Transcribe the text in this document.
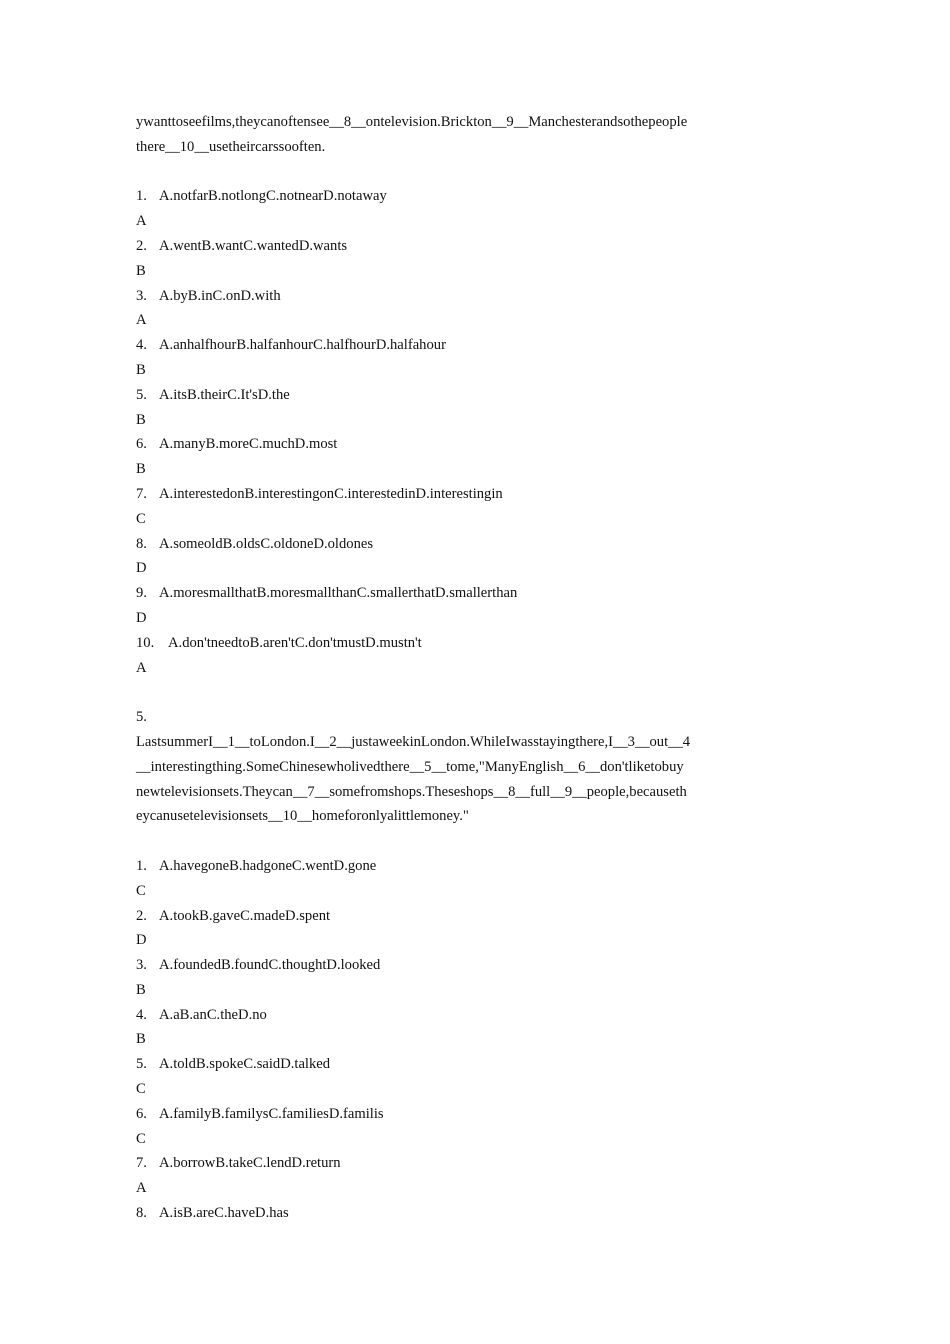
ywanttoseefilms,theycanoftensee__8__ontelevision.Brickton__9__Manchesterandsothepeople
there__10__usetheircarssooften.
1. A.notfarB.notlongC.notnearD.notaway
A
2. A.wentB.wantC.wantedD.wants
B
3. A.byB.inC.onD.with
A
4. A.anhalfhourB.halfanhourC.halfhourD.halfahour
B
5. A.itsB.theirC.It'sD.the
B
6. A.manyB.moreC.muchD.most
B
7. A.interestedonB.interestingonC.interestedinD.interestingin
C
8. A.someoldB.oldsC.oldoneD.oldones
D
9. A.moresmallthatB.moresmallthanC.smallerthatD.smallerthan
D
10. A.don'tneedtoB.aren'tC.don'tmustD.mustn't
A
5.
LastsummerI__1__toLondon.I__2__justaweekinLondon.WhileIwasstayingthere,I__3__out__4
__interestingthing.SomeChinesewholivedthere__5__tome,"ManyEnglish__6__don'tliketobuy
newtelevisionsets.Theycan__7__somefromshops.Theseshops__8__full__9__people,becauseth
eycanusetelevisionsets__10__homeforonlyalittlemoney."
1. A.havegoneB.hadgoneC.wentD.gone
C
2. A.tookB.gaveC.madeD.spent
D
3. A.foundedB.foundC.thoughtD.looked
B
4. A.aB.anC.theD.no
B
5. A.toldB.spokeC.saidD.talked
C
6. A.familyB.familysC.familiesD.familis
C
7. A.borrowB.takeC.lendD.return
A
8. A.isB.areC.haveD.has
